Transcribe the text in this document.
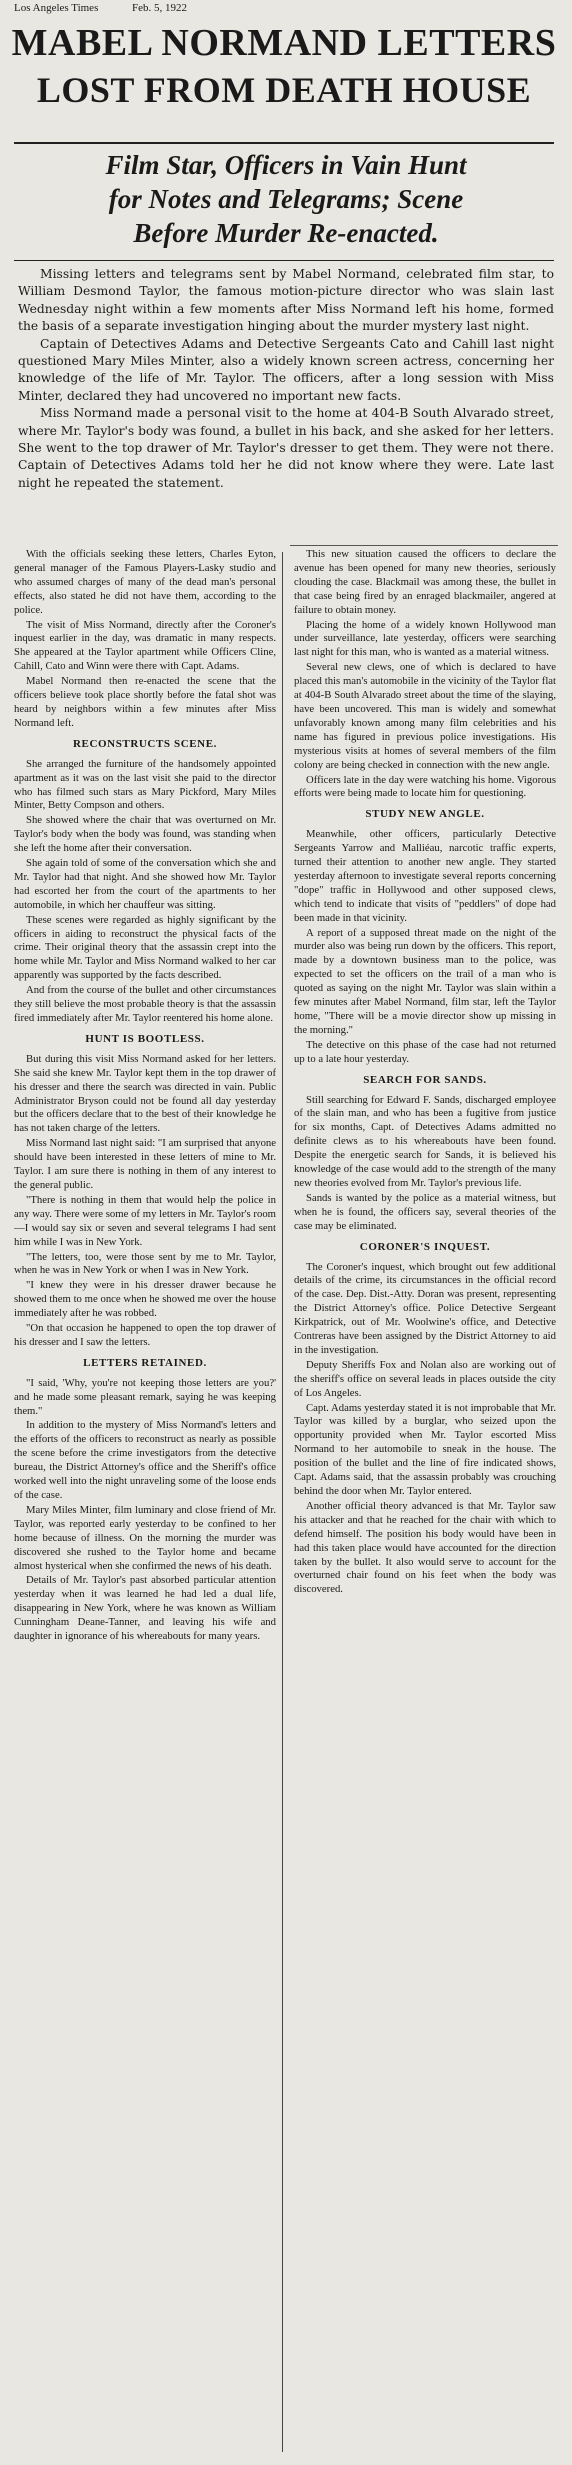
Los Angeles Times	Feb. 5, 1922
MABEL NORMAND LETTERS
LOST FROM DEATH HOUSE
Film Star, Officers in Vain Hunt
for Notes and Telegrams; Scene
Before Murder Re-enacted.

Missing letters and telegrams sent by Mabel Normand, celebrated film star, to William Desmond Taylor, the famous motion-picture director who was slain last Wednesday night within a few moments after Miss Normand left his home, formed the basis of a separate investigation hinging about the murder mystery last night.

Captain of Detectives Adams and Detective Sergeants Cato and Cahill last night questioned Mary Miles Minter, also a widely known screen actress, concerning her knowledge of the life of Mr. Taylor. The officers, after a long session with Miss Minter, declared they had uncovered no important new facts.

Miss Normand made a personal visit to the home at 404-B South Alvarado street, where Mr. Taylor's body was found, a bullet in his back, and she asked for her letters. She went to the top drawer of Mr. Taylor's dresser to get them. They were not there. Captain of Detectives Adams told her he did not know where they were. Late last night he repeated the statement.

With the officials seeking these letters, Charles Eyton, general manager of the Famous Players-Lasky studio and who assumed charges of many of the dead man's personal effects, also stated he did not have them, according to the police.

The visit of Miss Normand, directly after the Coroner's inquest earlier in the day, was dramatic in many respects. She appeared at the Taylor apartment while Officers Cline, Cahill, Cato and Winn were there with Capt. Adams.

Mabel Normand then re-enacted the scene that the officers believe took place shortly before the fatal shot was heard by neighbors within a few minutes after Miss Normand left.

RECONSTRUCTS SCENE.

She arranged the furniture of the handsomely appointed apartment as it was on the last visit she paid to the director who has filmed such stars as Mary Pickford, Mary Miles Minter, Betty Compson and others.

She showed where the chair that was overturned on Mr. Taylor's body when the body was found, was standing when she left the home after their conversation.

She again told of some of the conversation which she and Mr. Taylor had that night. And she showed how Mr. Taylor had escorted her from the court of the apartments to her automobile, in which her chauffeur was sitting.

These scenes were regarded as highly significant by the officers in aiding to reconstruct the physical facts of the crime. Their original theory that the assassin crept into the home while Mr. Taylor and Miss Normand walked to her car apparently was supported by the facts described.

And from the course of the bullet and other circumstances they still believe the most probable theory is that the assassin fired immediately after Mr. Taylor reentered his home alone.

HUNT IS BOOTLESS.

But during this visit Miss Normand asked for her letters. She said she knew Mr. Taylor kept them in the top drawer of his dresser and there the search was directed in vain. Public Administrator Bryson could not be found all day yesterday but the officers declare that to the best of their knowledge he has not taken charge of the letters.

Miss Normand last night said: "I am surprised that anyone should have been interested in these letters of mine to Mr. Taylor. I am sure there is nothing in them of any interest to the general public.

"There is nothing in them that would help the police in any way. There were some of my letters in Mr. Taylor's room—I would say six or seven and several telegrams I had sent him while I was in New York.

"The letters, too, were those sent by me to Mr. Taylor, when he was in New York or when I was in New York.

"I knew they were in his dresser drawer because he showed them to me once when he showed me over the house immediately after he was robbed.

"On that occasion he happened to open the top drawer of his dresser and I saw the letters.

LETTERS RETAINED.

"I said, 'Why, you're not keeping those letters are you?' and he made some pleasant remark, saying he was keeping them."

In addition to the mystery of Miss Normand's letters and the efforts of the officers to reconstruct as nearly as possible the scene before the crime investigators from the detective bureau, the District Attorney's office and the Sheriff's office worked well into the night unraveling some of the loose ends of the case.

Mary Miles Minter, film luminary and close friend of Mr. Taylor, was reported early yesterday to be confined to her home because of illness. On the morning the murder was discovered she rushed to the Taylor home and became almost hysterical when she confirmed the news of his death.

Details of Mr. Taylor's past absorbed particular attention yesterday when it was learned he had led a dual life, disappearing in New York, where he was known as William Cunningham Deane-Tanner, and leaving his wife and daughter in ignorance of his whereabouts for many years.

This new situation caused the officers to declare the avenue has been opened for many new theories, seriously clouding the case. Blackmail was among these, the bullet in that case being fired by an enraged blackmailer, angered at failure to obtain money.

Placing the home of a widely known Hollywood man under surveillance, late yesterday, officers were searching last night for this man, who is wanted as a material witness.

Several new clews, one of which is declared to have placed this man's automobile in the vicinity of the Taylor flat at 404-B South Alvarado street about the time of the slaying, have been uncovered. This man is widely and somewhat unfavorably known among many film celebrities and his name has figured in previous police investigations. His mysterious visits at homes of several members of the film colony are being checked in connection with the new angle.

Officers late in the day were watching his home. Vigorous efforts were being made to locate him for questioning.

STUDY NEW ANGLE.

Meanwhile, other officers, particularly Detective Sergeants Yarrow and Malliéau, narcotic traffic experts, turned their attention to another new angle. They started yesterday afternoon to investigate several reports concerning "dope" traffic in Hollywood and other supposed clews, which tend to indicate that visits of "peddlers" of dope had been made in that vicinity.

A report of a supposed threat made on the night of the murder also was being run down by the officers. This report, made by a downtown business man to the police, was expected to set the officers on the trail of a man who is quoted as saying on the night Mr. Taylor was slain within a few minutes after Mabel Normand, film star, left the Taylor home, "There will be a movie director show up missing in the morning."

The detective on this phase of the case had not returned up to a late hour yesterday.

SEARCH FOR SANDS.

Still searching for Edward F. Sands, discharged employee of the slain man, and who has been a fugitive from justice for six months, Capt. of Detectives Adams admitted no definite clews as to his whereabouts have been found. Despite the energetic search for Sands, it is believed his knowledge of the case would add to the strength of the many new theories evolved from Mr. Taylor's previous life.

Sands is wanted by the police as a material witness, but when he is found, the officers say, several theories of the case may be eliminated.

CORONER'S INQUEST.

The Coroner's inquest, which brought out few additional details of the crime, its circumstances in the official record of the case. Dep. Dist.-Atty. Doran was present, representing the District Attorney's office. Police Detective Sergeant Kirkpatrick, out of Mr. Woolwine's office, and Detective Contreras have been assigned by the District Attorney to aid in the investigation.

Deputy Sheriffs Fox and Nolan also are working out of the sheriff's office on several leads in places outside the city of Los Angeles.

Capt. Adams yesterday stated it is not improbable that Mr. Taylor was killed by a burglar, who seized upon the opportunity provided when Mr. Taylor escorted Miss Normand to her automobile to sneak in the house. The position of the bullet and the line of fire indicated shows, Capt. Adams said, that the assassin probably was crouching behind the door when Mr. Taylor entered.

Another official theory advanced is that Mr. Taylor saw his attacker and that he reached for the chair with which to defend himself. The position his body would have been in had this taken place would have accounted for the direction taken by the bullet. It also would serve to account for the overturned chair found on his feet when the body was discovered.
